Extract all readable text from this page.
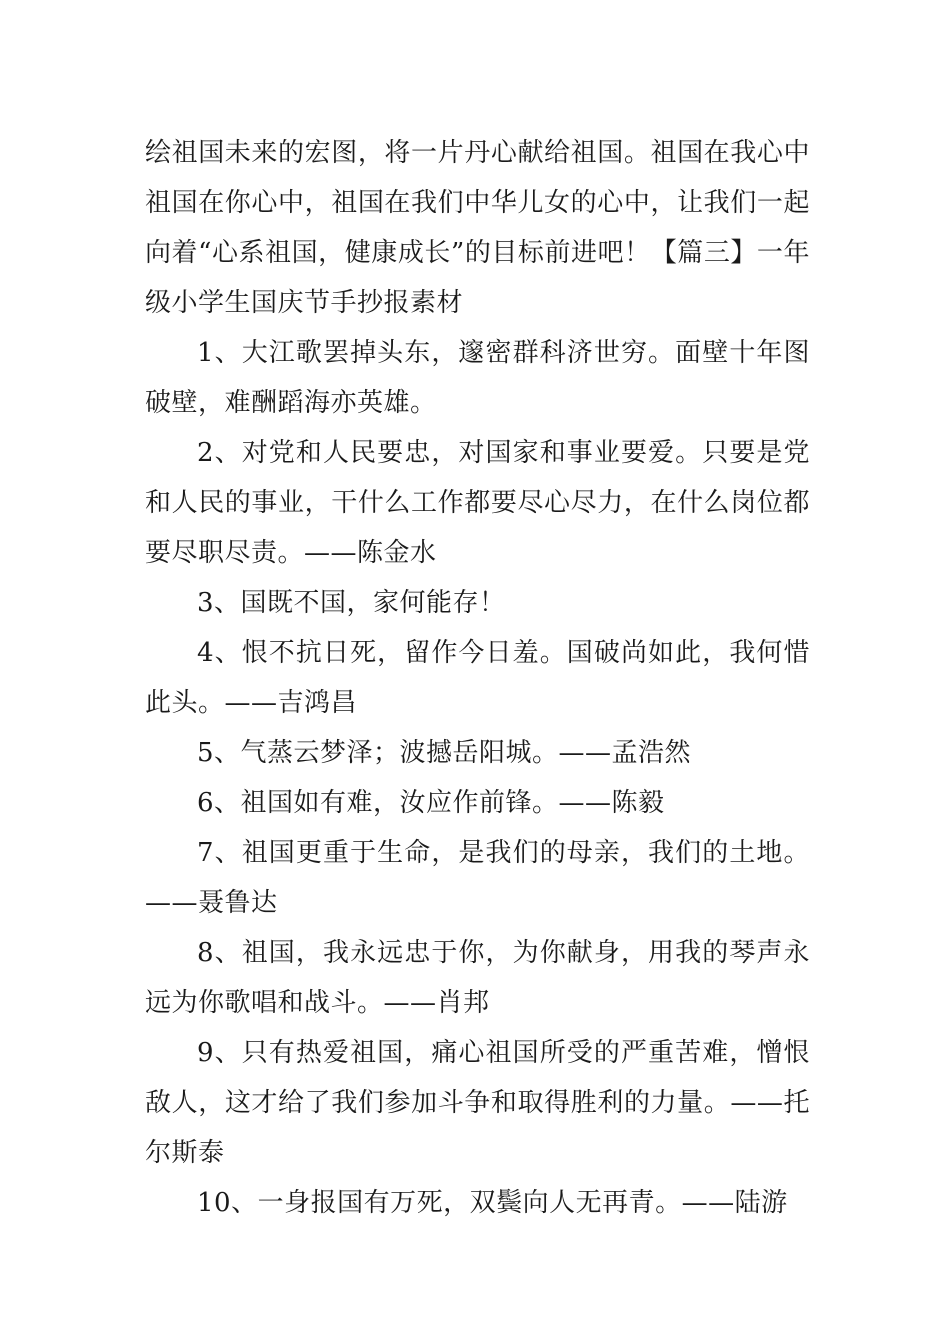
绘祖国未来的宏图，将一片丹心献给祖国。祖国在我心中祖国在你心中，祖国在我们中华儿女的心中，让我们一起向着“心系祖国，健康成长”的目标前进吧！【篇三】一年级小学生国庆节手抄报素材

1、大江歌罢掉头东，邃密群科济世穷。面壁十年图破壁，难酬蹈海亦英雄。

2、对党和人民要忠，对国家和事业要爱。只要是党和人民的事业，干什么工作都要尽心尽力，在什么岗位都要尽职尽责。——陈金水

3、国既不国，家何能存！

4、恨不抗日死，留作今日羞。国破尚如此，我何惜此头。——吉鸿昌

5、气蒸云梦泽；波撼岳阳城。——孟浩然

6、祖国如有难，汝应作前锋。——陈毅

7、祖国更重于生命，是我们的母亲，我们的土地。——聂鲁达

8、祖国，我永远忠于你，为你献身，用我的琴声永远为你歌唱和战斗。——肖邦

9、只有热爱祖国，痛心祖国所受的严重苦难，憎恨敌人，这才给了我们参加斗争和取得胜利的力量。——托尔斯泰

10、一身报国有万死，双鬓向人无再青。——陆游
